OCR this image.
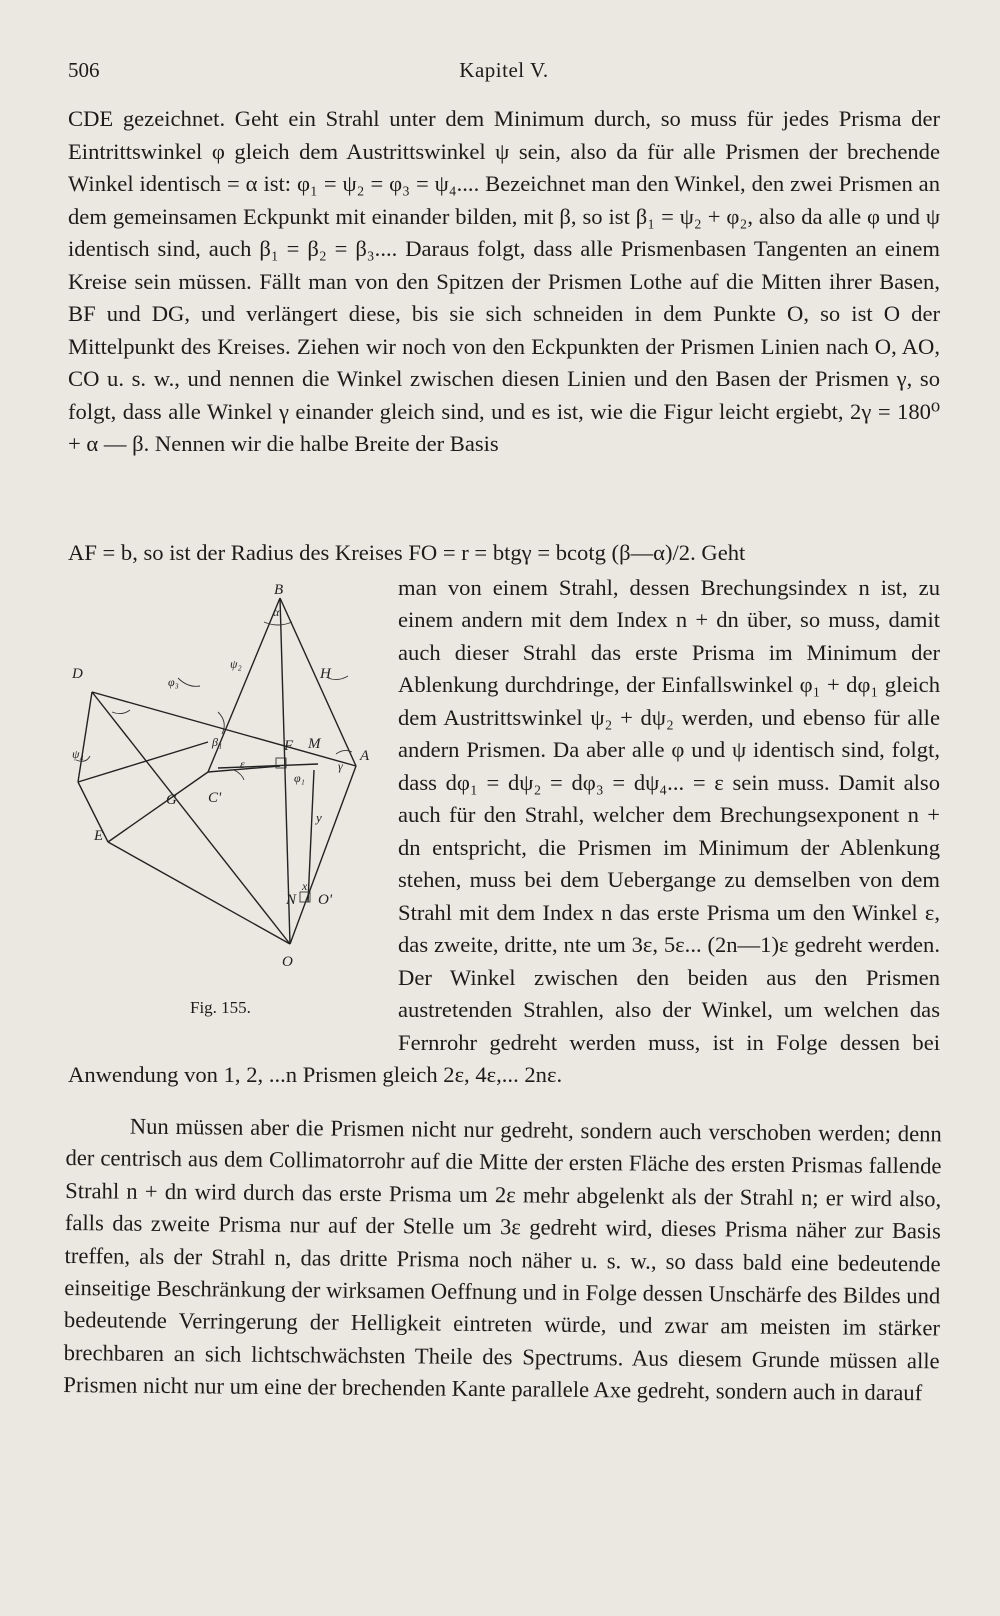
506	Kapitel V.

CDE gezeichnet. Geht ein Strahl unter dem Minimum durch, so muss für jedes Prisma der Eintrittswinkel φ gleich dem Austrittswinkel ψ sein, also da für alle Prismen der brechende Winkel identisch = α ist: φ₁ = ψ₂ = φ₃ = ψ₄.... Bezeichnet man den Winkel, den zwei Prismen an dem gemeinsamen Eckpunkt mit einander bilden, mit β, so ist β₁ = ψ₂ + φ₂, also da alle φ und ψ identisch sind, auch β₁ = β₂ = β₃.... Daraus folgt, dass alle Prismenbasen Tangenten an einem Kreise sein müssen. Fällt man von den Spitzen der Prismen Lothe auf die Mitten ihrer Basen, BF und DG, und verlängert diese, bis sie sich schneiden in dem Punkte O, so ist O der Mittelpunkt des Kreises. Ziehen wir noch von den Eckpunkten der Prismen Linien nach O, AO, CO u. s. w., und nennen die Winkel zwischen diesen Linien und den Basen der Prismen γ, so folgt, dass alle Winkel γ einander gleich sind, und es ist, wie die Figur leicht ergiebt, 2γ = 180⁰ + α — β. Nennen wir die halbe Breite der Basis

AF = b, so ist der Radius des Kreises FO = r = btgγ = bcotg (β—α)/2. Geht

B
D
A
E
G C'
H
F M
N
O
O'
α
β₁
γ
φ₃
ψ₂
ψ₄
x
y
ε
φ₁
Fig. 155.

man von einem Strahl, dessen Brechungsindex n ist, zu einem andern mit dem Index n + dn über, so muss, damit auch dieser Strahl das erste Prisma im Minimum der Ablenkung durchdringe, der Einfallswinkel φ₁ + dφ₁ gleich dem Austrittswinkel ψ₂ + dψ₂ werden, und ebenso für alle andern Prismen. Da aber alle φ und ψ identisch sind, folgt, dass dφ₁ = dψ₂ = dφ₃ = dψ₄... = ε sein muss. Damit also auch für den Strahl, welcher dem Brechungsexponent n + dn entspricht, die Prismen im Minimum der Ablenkung stehen, muss bei dem Uebergange zu demselben von dem Strahl mit dem Index n das erste Prisma um den Winkel ε, das zweite, dritte, nte um 3ε, 5ε... (2n—1)ε gedreht werden. Der Winkel zwischen den beiden aus den Prismen austretenden Strahlen, also der Winkel, um welchen das Fernrohr gedreht werden muss, ist in Folge dessen bei Anwendung von 1, 2, ...n Prismen gleich 2ε, 4ε,... 2nε.

Nun müssen aber die Prismen nicht nur gedreht, sondern auch verschoben werden; denn der centrisch aus dem Collimatorrohr auf die Mitte der ersten Fläche des ersten Prismas fallende Strahl n + dn wird durch das erste Prisma um 2ε mehr abgelenkt als der Strahl n; er wird also, falls das zweite Prisma nur auf der Stelle um 3ε gedreht wird, dieses Prisma näher zur Basis treffen, als der Strahl n, das dritte Prisma noch näher u. s. w., so dass bald eine bedeutende einseitige Beschränkung der wirksamen Oeffnung und in Folge dessen Unschärfe des Bildes und bedeutende Verringerung der Helligkeit eintreten würde, und zwar am meisten im stärker brechbaren an sich lichtschwächsten Theile des Spectrums. Aus diesem Grunde müssen alle Prismen nicht nur um eine der brechenden Kante parallele Axe gedreht, sondern auch in darauf
